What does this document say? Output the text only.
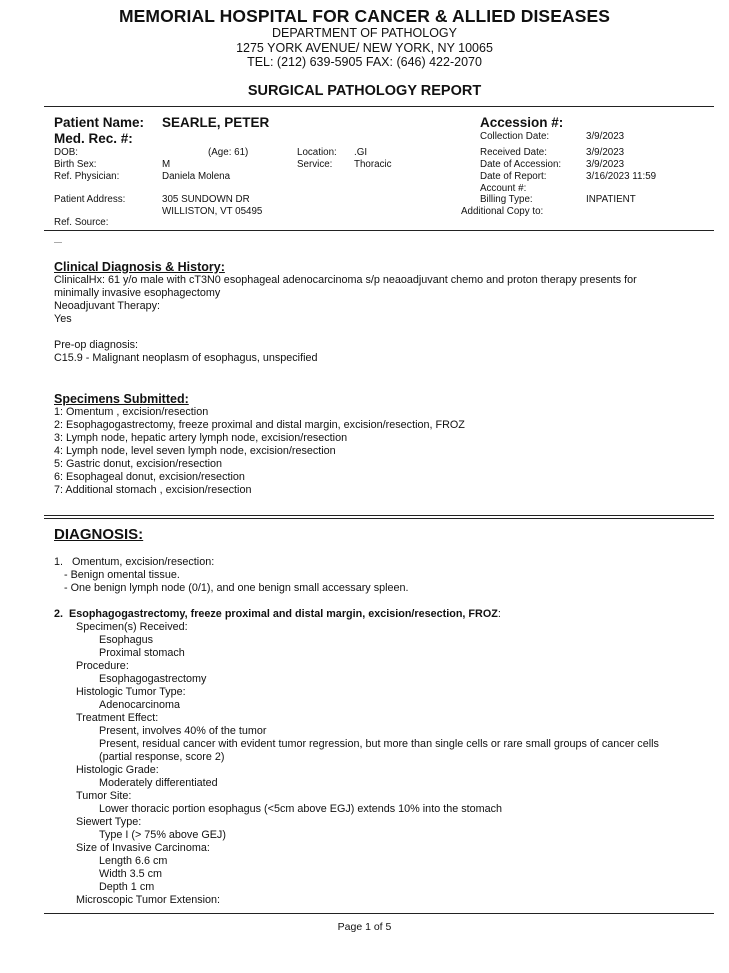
MEMORIAL HOSPITAL FOR CANCER & ALLIED DISEASES
DEPARTMENT OF PATHOLOGY
1275 YORK AVENUE/ NEW YORK, NY 10065
TEL: (212) 639-5905 FAX: (646) 422-2070
SURGICAL PATHOLOGY REPORT
Patient Name: SEARLE, PETER
Med. Rec. #:
DOB:	(Age: 61)	Location: .GI
Birth Sex:	M	Service: Thoracic
Ref. Physician:	Daniela Molena
Patient Address:	305 SUNDOWN DR
WILLISTON, VT 05495
Ref. Source:
Accession #:
Collection Date:	3/9/2023
Received Date:	3/9/2023
Date of Accession:	3/9/2023
Date of Report:	3/16/2023 11:59
Account #:
Billing Type:	INPATIENT
Additional Copy to:
Clinical Diagnosis & History:
ClinicalHx: 61 y/o male with cT3N0 esophageal adenocarcinoma s/p neaoadjuvant chemo and proton therapy presents for
minimally invasive esophagectomy
Neoadjuvant Therapy:
Yes
Pre-op diagnosis:
C15.9 - Malignant neoplasm of esophagus, unspecified
Specimens Submitted:
1: Omentum , excision/resection
2: Esophagogastrectomy, freeze proximal and distal margin, excision/resection, FROZ
3: Lymph node, hepatic artery lymph node, excision/resection
4: Lymph node, level seven lymph node, excision/resection
5: Gastric donut, excision/resection
6: Esophageal donut, excision/resection
7: Additional stomach , excision/resection
DIAGNOSIS:
1.   Omentum, excision/resection:
- Benign omental tissue.
- One benign lymph node (0/1), and one benign small accessary spleen.
2. Esophagogastrectomy, freeze proximal and distal margin, excision/resection, FROZ:
Specimen(s) Received:
Esophagus
Proximal stomach
Procedure:
Esophagogastrectomy
Histologic Tumor Type:
Adenocarcinoma
Treatment Effect:
Present, involves 40% of the tumor
Present, residual cancer with evident tumor regression, but more than single cells or rare small groups of cancer cells
(partial response, score 2)
Histologic Grade:
Moderately differentiated
Tumor Site:
Lower thoracic portion esophagus (<5cm above EGJ) extends 10% into the stomach
Siewert Type:
Type I (> 75% above GEJ)
Size of Invasive Carcinoma:
Length 6.6 cm
Width 3.5 cm
Depth 1 cm
Microscopic Tumor Extension:
Page 1 of 5
